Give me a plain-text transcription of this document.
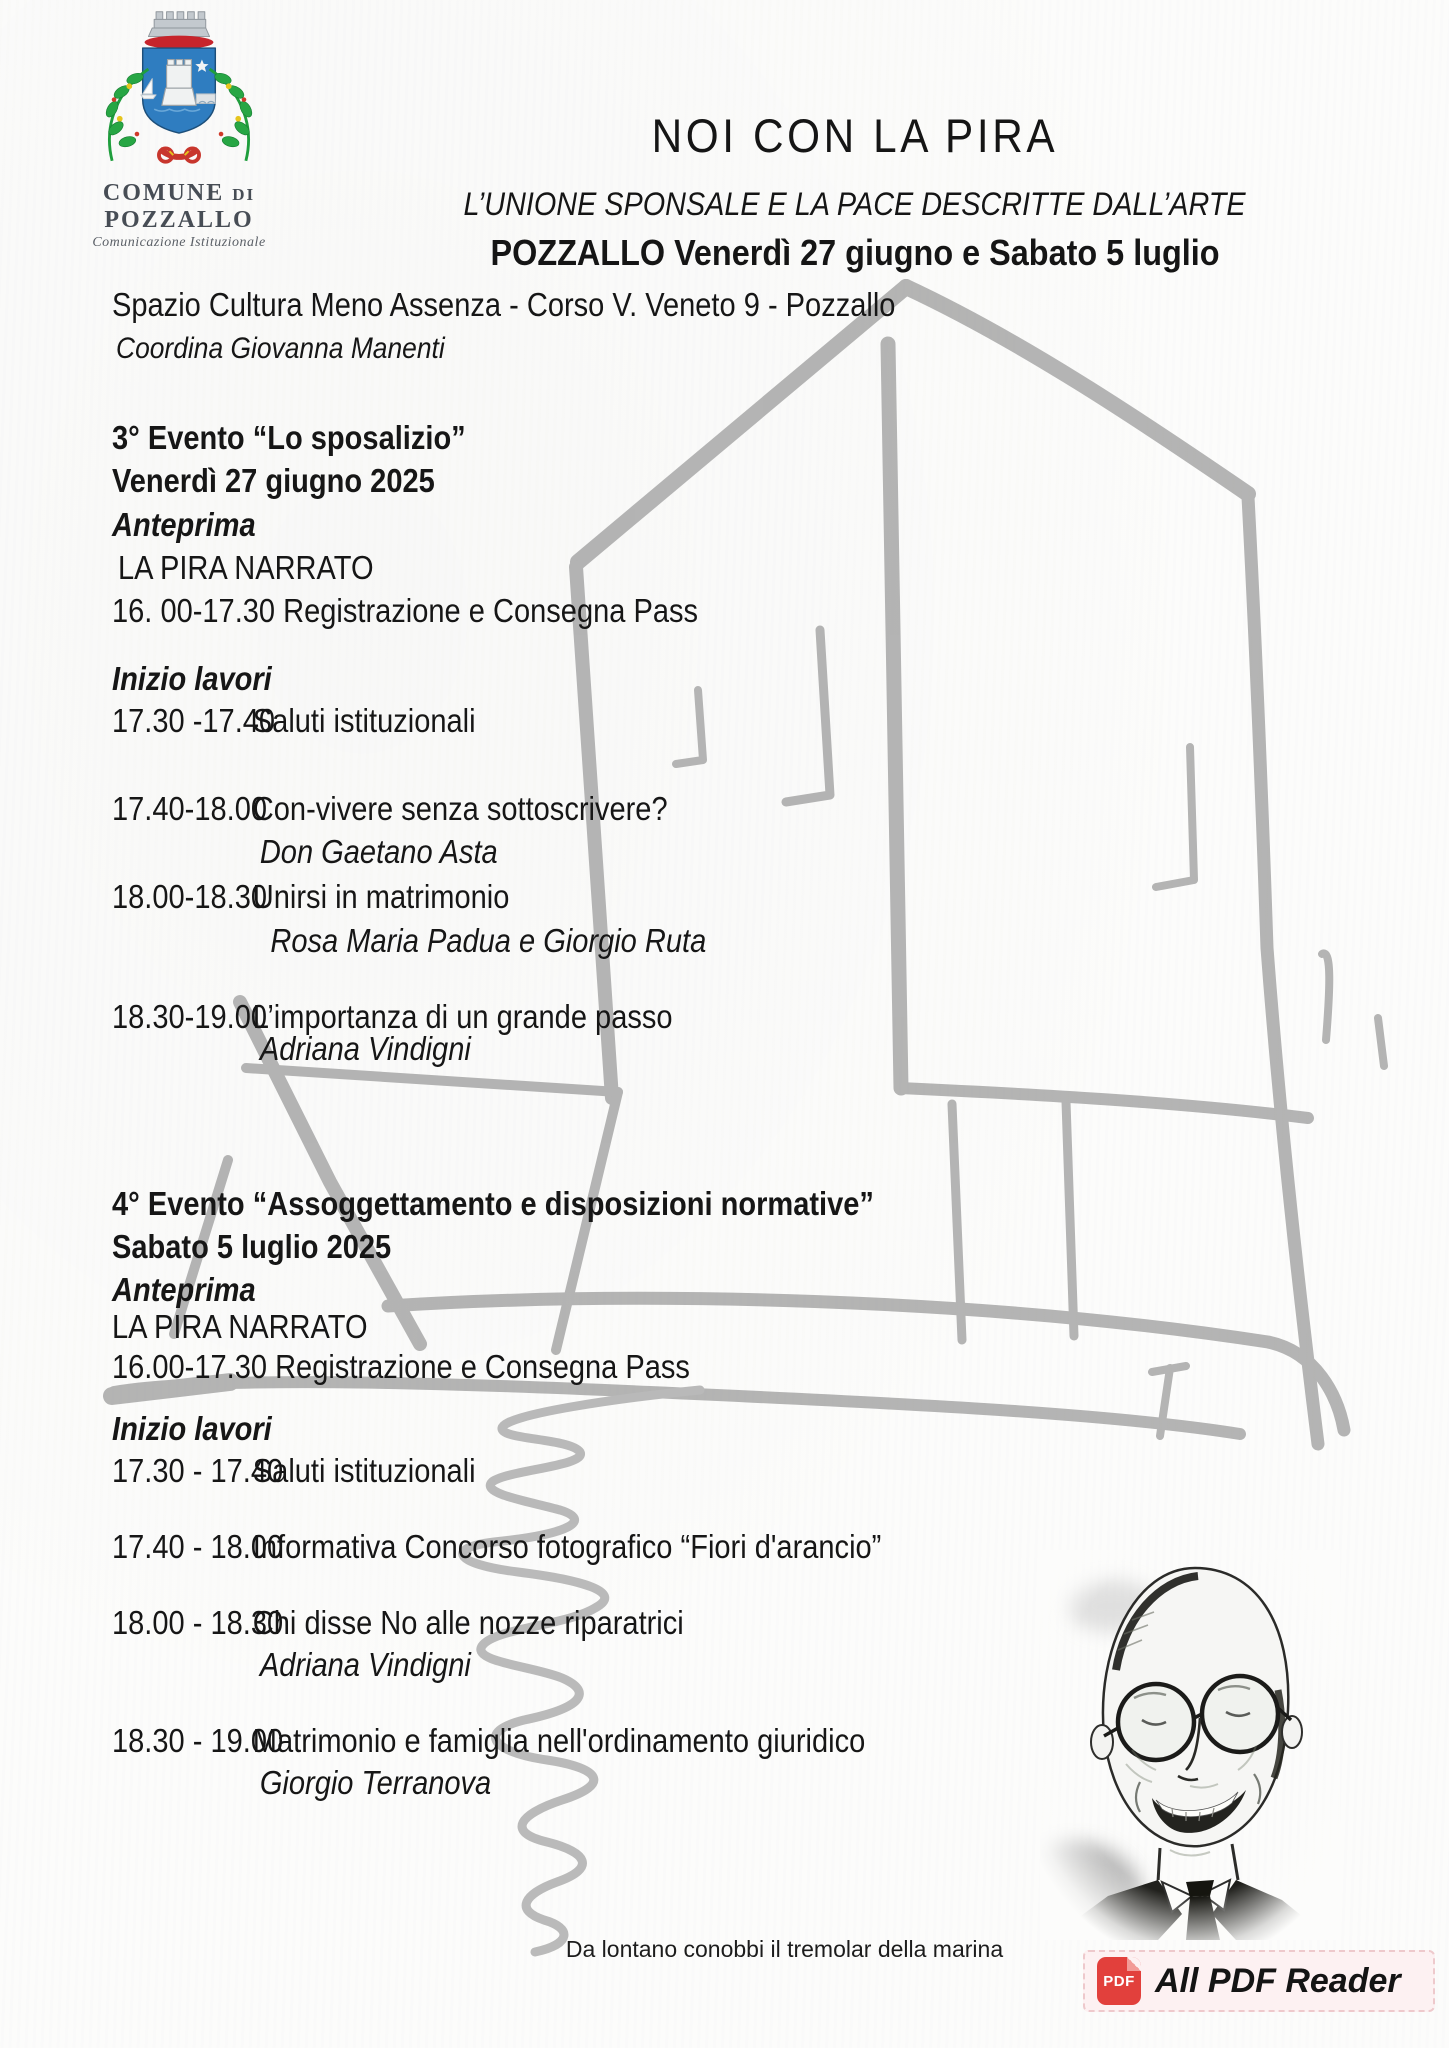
COMUNE di POZZALLO
Comunicazione Istituzionale
NOI CON LA PIRA
L’UNIONE SPONSALE E LA PACE DESCRITTE DALL’ARTE
POZZALLO Venerdì 27 giugno e Sabato 5 luglio
Spazio Cultura Meno Assenza - Corso V. Veneto 9 - Pozzallo
Coordina Giovanna Manenti
3° Evento “Lo sposalizio”
Venerdì 27 giugno 2025
Anteprima
LA PIRA NARRATO
16. 00-17.30 Registrazione e Consegna Pass
Inizio lavori
17.30 -17.40Saluti istituzionali
17.40-18.00Con-vivere senza sottoscrivere?
Don Gaetano Asta
18.00-18.30Unirsi in matrimonio
Rosa Maria Padua e Giorgio Ruta
18.30-19.00L’importanza di un grande passo
Adriana Vindigni
4° Evento “Assoggettamento e disposizioni normative”
Sabato 5 luglio 2025
Anteprima
LA PIRA NARRATO
16.00-17.30 Registrazione e Consegna Pass
Inizio lavori
17.30 - 17.40Saluti istituzionali
17.40 - 18.00Informativa Concorso fotografico “Fiori d'arancio”
18.00 - 18.30Chi disse No alle nozze riparatrici
Adriana Vindigni
18.30 - 19.00Matrimonio e famiglia nell'ordinamento giuridico
Giorgio Terranova
Da lontano conobbi il tremolar della marina
PDF All PDF Reader
